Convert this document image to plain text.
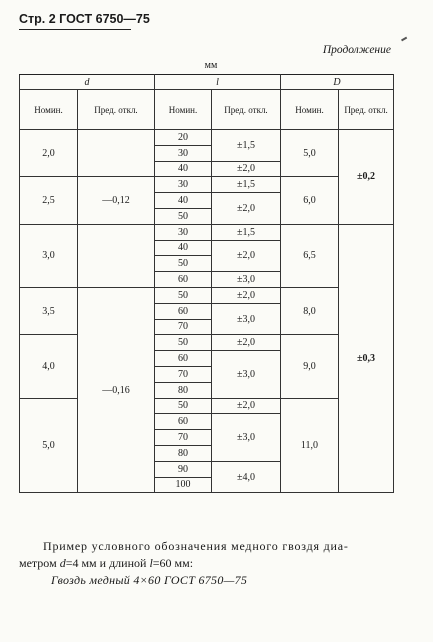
Стр. 2 ГОСТ 6750—75
Продолжение
мм
d		l		D	
Номин.	Пред. откл.	Номин.	Пред. откл.	Номин.	Пред. откл.
2,0		20	±1,5	5,0	±0,2
		30			
		40	±2,0		
2,5	—0,12	30	±1,5	6,0	
		40	±2,0		
		50			
3,0		30	±1,5	6,5	±0,3
		40	±2,0		
		50			
		60	±3,0		
3,5	—0,16	50	±2,0	8,0	
		60	±3,0		
		70			
4,0		50	±2,0	9,0	
		60	±3,0		
		70			
		80			
5,0		50	±2,0	11,0	
		60	±3,0		
		70			
		80			
		90	±4,0		
		100			
Пример условного обозначения медного гвоздя диа-
метром d=4 мм и длиной l=60 мм:
Гвоздь медный 4×60 ГОСТ 6750—75
